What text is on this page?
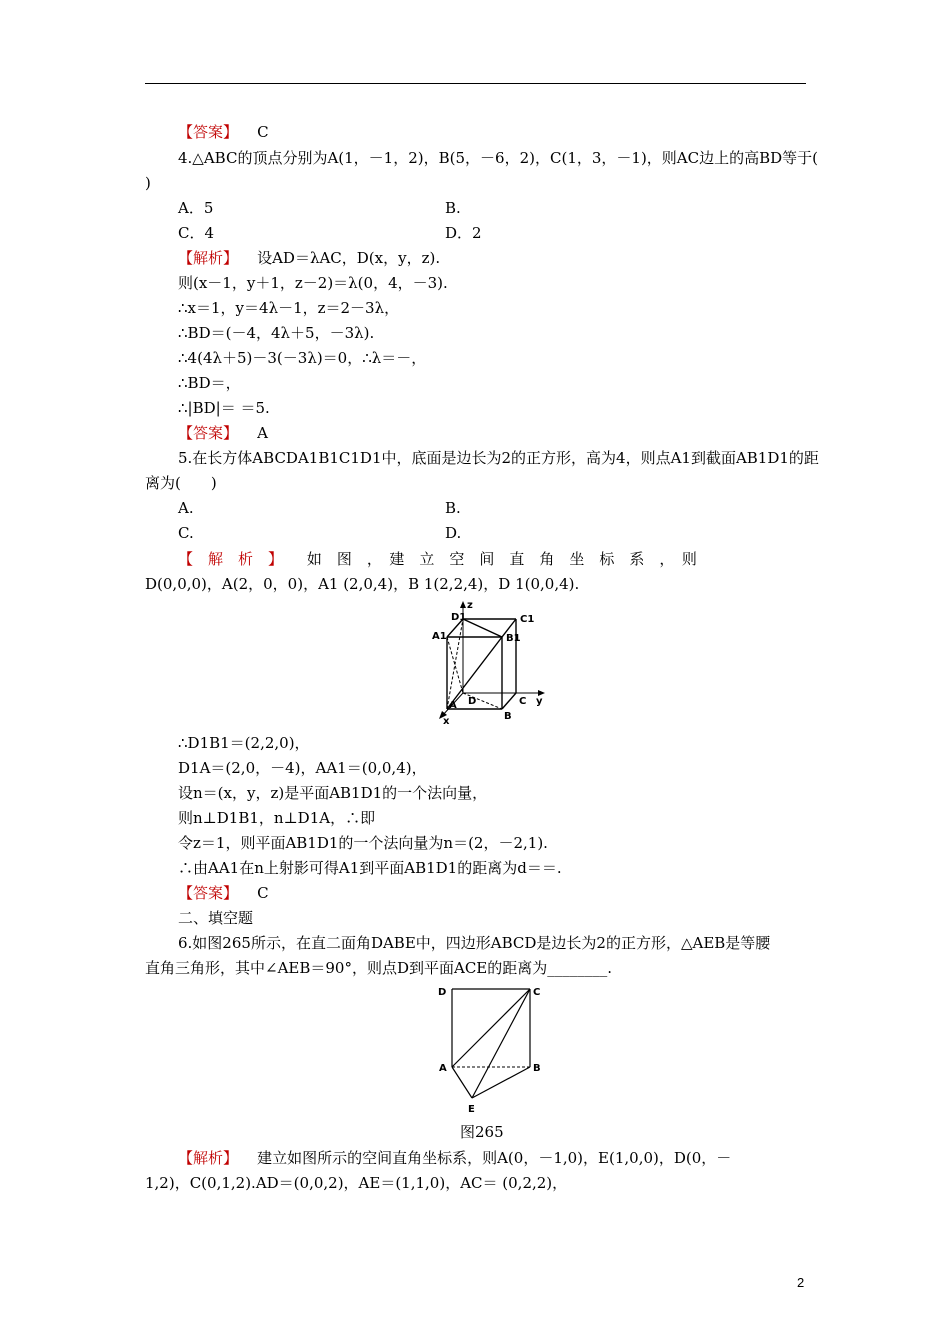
【答案】 C
4.△ABC的顶点分别为A(1，－1，2)，B(5，－6，2)，C(1，3，－1)，则AC边上的高BD等于(
)
A．5	B.
C．4	D．2
【解析】 设AD＝λAC，D(x，y，z).
则(x－1，y＋1，z－2)＝λ(0，4，－3).
∴x＝1，y＝4λ－1，z＝2－3λ，
∴BD＝(－4，4λ＋5，－3λ).
∴4(4λ＋5)－3(－3λ)＝0，∴λ＝－，
∴BD＝，
∴|BD|＝ ＝5.
【答案】 A
5.在长方体ABCDA1B1C1D1中，底面是边长为2的正方形，高为4，则点A1到截面AB1D1的距
离为(　　)
A.	B.
C.	D.
【　解　析　】 如　图　，　建　立　空　间　直　角　坐　标　系　，　则
D(0,0,0)，A(2，0，0)，A1 (2,0,4)，B 1(2,2,4)，D 1(0,0,4).
D1
z
C1
A1	B1
A D	C
B
y
x
∴D1B1＝(2,2,0)，
D1A＝(2,0，－4)，AA1＝(0,0,4)，
设n＝(x，y，z)是平面AB1D1的一个法向量，
则n⊥D1B1，n⊥D1A，∴即
令z＝1，则平面AB1D1的一个法向量为n＝(2，－2,1).
∴由AA1在n上射影可得A1到平面AB1D1的距离为d＝＝.
【答案】 C
二、填空题
6.如图265所示，在直二面角DABE中，四边形ABCD是边长为2的正方形，△AEB是等腰
直角三角形，其中∠AEB＝90°，则点D到平面ACE的距离为________.
D	C
A	B
E
图265
【解析】 建立如图所示的空间直角坐标系，则A(0，－1,0)，E(1,0,0)，D(0，－
1,2)，C(0,1,2).AD＝(0,0,2)，AE＝(1,1,0)，AC＝ (0,2,2)，
2
